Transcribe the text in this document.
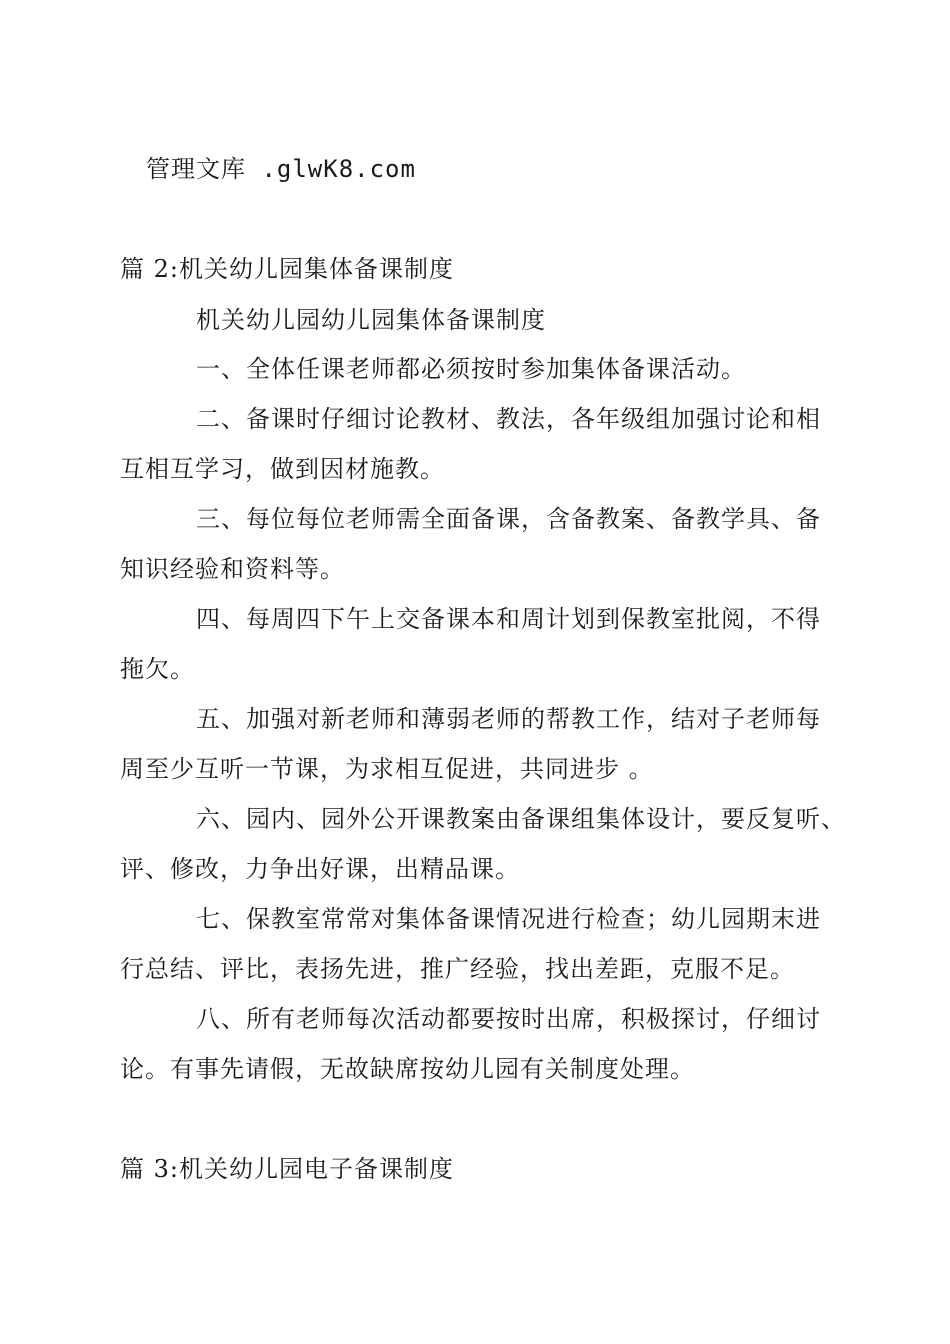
管理文库 .glwK8.com
篇 2:机关幼儿园集体备课制度
机关幼儿园幼儿园集体备课制度
一、全体任课老师都必须按时参加集体备课活动。
二、备课时仔细讨论教材、教法，各年级组加强讨论和相
互相互学习，做到因材施教。
三、每位每位老师需全面备课，含备教案、备教学具、备
知识经验和资料等。
四、每周四下午上交备课本和周计划到保教室批阅，不得
拖欠。
五、加强对新老师和薄弱老师的帮教工作，结对子老师每
周至少互听一节课，为求相互促进，共同进步 。
六、园内、园外公开课教案由备课组集体设计，要反复听、
评、修改，力争出好课，出精品课。
七、保教室常常对集体备课情况进行检查；幼儿园期末进
行总结、评比，表扬先进，推广经验，找出差距，克服不足。
八、所有老师每次活动都要按时出席，积极探讨，仔细讨
论。有事先请假，无故缺席按幼儿园有关制度处理。
篇 3:机关幼儿园电子备课制度
